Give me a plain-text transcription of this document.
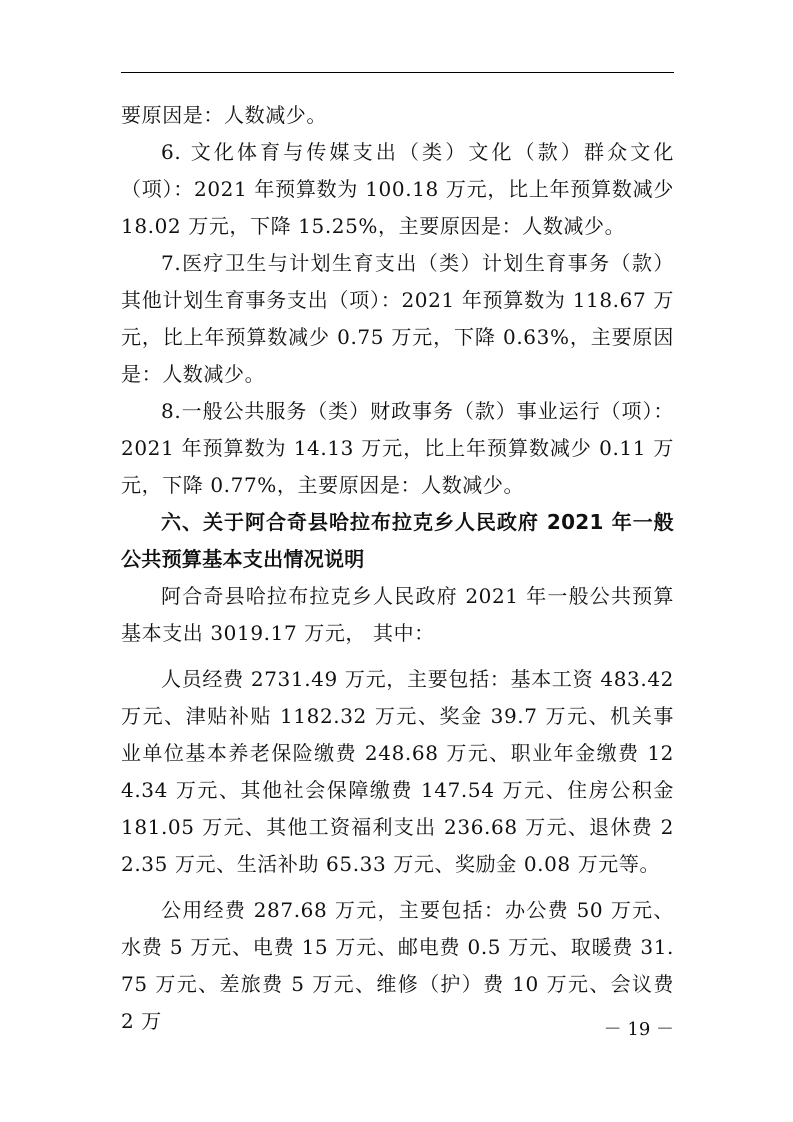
要原因是：人数减少。

6. 文化体育与传媒支出（类）文化（款）群众文化（项）：2021 年预算数为 100.18 万元，比上年预算数减少 18.02 万元，下降 15.25%，主要原因是：人数减少。

7.医疗卫生与计划生育支出（类）计划生育事务（款）其他计划生育事务支出（项）：2021 年预算数为 118.67 万元，比上年预算数减少 0.75 万元，下降 0.63%，主要原因是：人数减少。

8.一般公共服务（类）财政事务（款）事业运行（项）：2021 年预算数为 14.13 万元，比上年预算数减少 0.11 万元，下降 0.77%，主要原因是：人数减少。

六、关于阿合奇县哈拉布拉克乡人民政府 2021 年一般公共预算基本支出情况说明

阿合奇县哈拉布拉克乡人民政府 2021 年一般公共预算基本支出 3019.17 万元， 其中：

人员经费 2731.49 万元，主要包括：基本工资 483.42 万元、津贴补贴 1182.32 万元、奖金 39.7 万元、机关事业单位基本养老保险缴费 248.68 万元、职业年金缴费 124.34 万元、其他社会保障缴费 147.54 万元、住房公积金 181.05 万元、其他工资福利支出 236.68 万元、退休费 22.35 万元、生活补助 65.33 万元、奖励金 0.08 万元等。

公用经费 287.68 万元，主要包括：办公费 50 万元、水费 5 万元、电费 15 万元、邮电费 0.5 万元、取暖费 31.75 万元、差旅费 5 万元、维修（护）费 10 万元、会议费 2 万	－ 19 －
